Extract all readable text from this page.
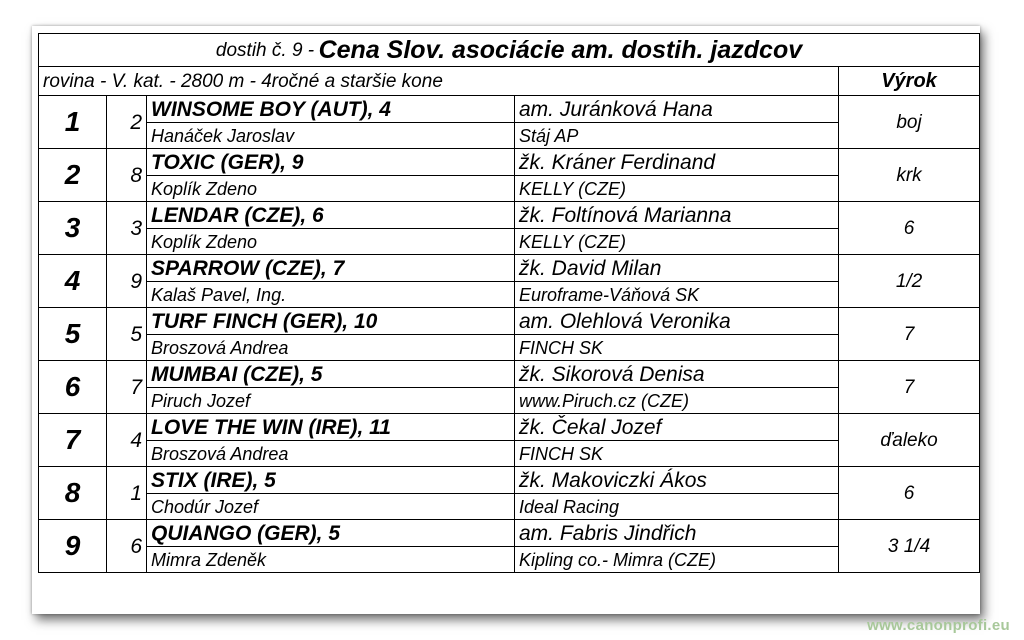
dostih č. 9 - Cena Slov. asociácie am. dostih. jazdcov				
rovina - V. kat. - 2800 m - 4ročné a staršie kone				Výrok
1	2	WINSOME BOY (AUT), 4	am. Juránková Hana	boj
		Hanáček Jaroslav	Stáj AP	
2	8	TOXIC (GER), 9	žk. Kráner Ferdinand	krk
		Koplík Zdeno	KELLY (CZE)	
3	3	LENDAR (CZE), 6	žk. Foltínová Marianna	6
		Koplík Zdeno	KELLY (CZE)	
4	9	SPARROW (CZE), 7	žk. David Milan	1/2
		Kalaš Pavel, Ing.	Euroframe-Váňová SK	
5	5	TURF FINCH (GER), 10	am. Olehlová Veronika	7
		Broszová Andrea	FINCH SK	
6	7	MUMBAI (CZE), 5	žk. Sikorová Denisa	7
		Piruch Jozef	www.Piruch.cz (CZE)	
7	4	LOVE THE WIN (IRE), 11	žk. Čekal Jozef	ďaleko
		Broszová Andrea	FINCH SK	
8	1	STIX (IRE), 5	žk. Makoviczki Ákos	6
		Chodúr Jozef	Ideal Racing	
9	6	QUIANGO (GER), 5	am. Fabris Jindřich	3 1/4
		Mimra Zdeněk	Kipling co.- Mimra (CZE)	
www.canonprofi.eu
